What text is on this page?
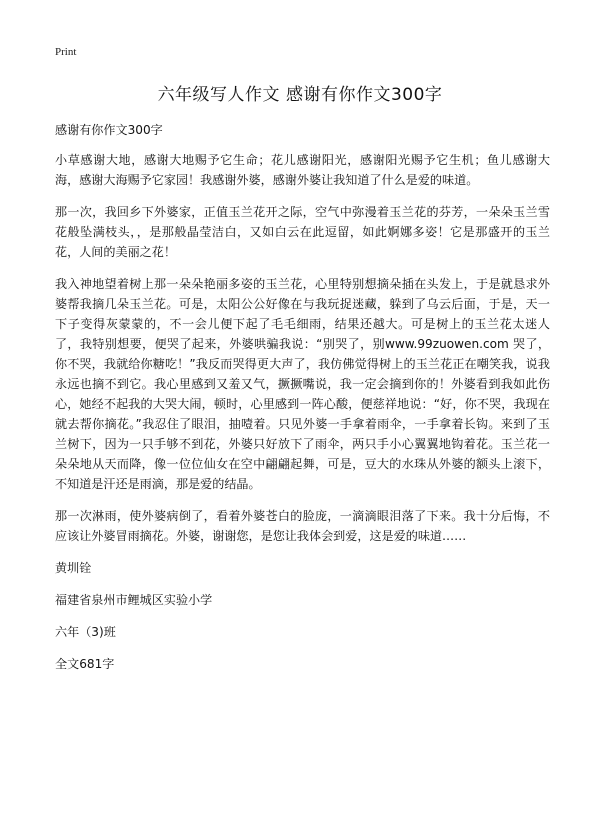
Print
六年级写人作文 感谢有你作文300字

感谢有你作文300字

小草感谢大地，感谢大地赐予它生命；花儿感谢阳光，感谢阳光赐予它生机；鱼儿感谢大海，感谢大海赐予它家园！我感谢外婆，感谢外婆让我知道了什么是爱的味道。

那一次，我回乡下外婆家，正值玉兰花开之际，空气中弥漫着玉兰花的芬芳，一朵朵玉兰雪花般坠满枝头，，是那般晶莹洁白，又如白云在此逗留，如此婀娜多姿！它是那盛开的玉兰花，人间的美丽之花！

我入神地望着树上那一朵朵艳丽多姿的玉兰花，心里特别想摘朵插在头发上，于是就恳求外婆帮我摘几朵玉兰花。可是，太阳公公好像在与我玩捉迷藏，躲到了乌云后面，于是，天一下子变得灰蒙蒙的，不一会儿便下起了毛毛细雨，结果还越大。可是树上的玉兰花太迷人了，我特别想要，便哭了起来，外婆哄骗我说：“别哭了，别www.99zuowen.com 哭了，你不哭，我就给你糖吃！”我反而哭得更大声了，我仿佛觉得树上的玉兰花正在嘲笑我，说我永远也摘不到它。我心里感到又羞又气，撅撅嘴说，我一定会摘到你的！外婆看到我如此伤心，她经不起我的大哭大闹，顿时，心里感到一阵心酸，便慈祥地说：“好，你不哭，我现在就去帮你摘花。”我忍住了眼泪，抽噎着。只见外婆一手拿着雨伞，一手拿着长钩。来到了玉兰树下，因为一只手够不到花，外婆只好放下了雨伞，两只手小心翼翼地钩着花。玉兰花一朵朵地从天而降，像一位位仙女在空中翩翩起舞，可是，豆大的水珠从外婆的额头上滚下，不知道是汗还是雨滴，那是爱的结晶。

那一次淋雨，使外婆病倒了，看着外婆苍白的脸庞，一滴滴眼泪落了下来。我十分后悔，不应该让外婆冒雨摘花。外婆，谢谢您，是您让我体会到爱，这是爱的味道……

黄圳铨

福建省泉州市鲤城区实验小学

六年（3)班

全文681字
